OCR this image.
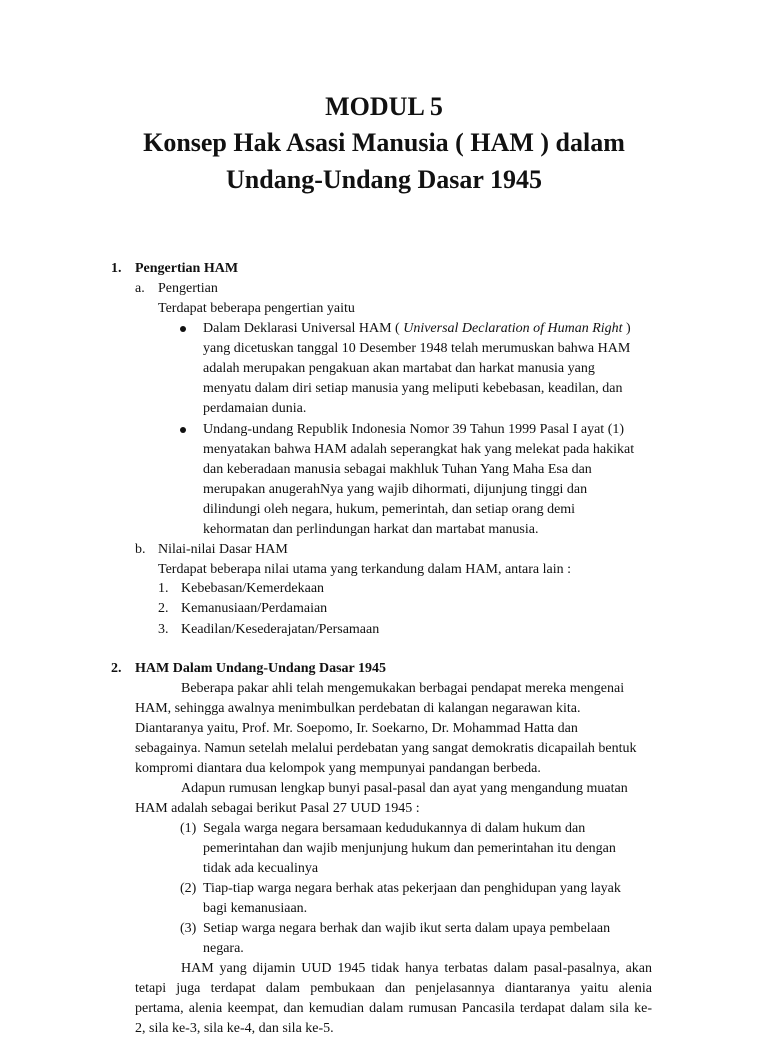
MODUL 5
Konsep Hak Asasi Manusia ( HAM ) dalam
Undang-Undang Dasar 1945
1. Pengertian HAM
a. Pengertian
Terdapat beberapa pengertian yaitu
Dalam Deklarasi Universal HAM ( Universal Declaration of Human Right )
yang dicetuskan tanggal 10 Desember 1948 telah merumuskan bahwa HAM
adalah merupakan pengakuan akan martabat dan harkat manusia yang
menyatu dalam diri setiap manusia yang meliputi kebebasan, keadilan, dan
perdamaian dunia.
Undang-undang Republik Indonesia Nomor 39 Tahun 1999 Pasal I ayat (1)
menyatakan bahwa HAM adalah seperangkat hak yang melekat pada hakikat
dan keberadaan manusia sebagai makhluk Tuhan Yang Maha Esa dan
merupakan anugerahNya yang wajib dihormati, dijunjung tinggi dan
dilindungi oleh negara, hukum, pemerintah, dan setiap orang demi
kehormatan dan perlindungan harkat dan martabat manusia.
b. Nilai-nilai Dasar HAM
Terdapat beberapa nilai utama yang terkandung dalam HAM, antara lain :
1. Kebebasan/Kemerdekaan
2. Kemanusiaan/Perdamaian
3. Keadilan/Kesederajatan/Persamaan
2. HAM Dalam Undang-Undang Dasar 1945
Beberapa pakar ahli telah mengemukakan berbagai pendapat mereka mengenai
HAM, sehingga awalnya menimbulkan perdebatan di kalangan negarawan kita.
Diantaranya yaitu, Prof. Mr. Soepomo, Ir. Soekarno, Dr. Mohammad Hatta dan
sebagainya. Namun setelah melalui perdebatan yang sangat demokratis dicapailah bentuk
kompromi diantara dua kelompok yang mempunyai pandangan berbeda.
Adapun rumusan lengkap bunyi pasal-pasal dan ayat yang mengandung muatan
HAM adalah sebagai berikut Pasal 27 UUD 1945 :
(1) Segala warga negara bersamaan kedudukannya di dalam hukum dan
pemerintahan dan wajib menjunjung hukum dan pemerintahan itu dengan
tidak ada kecualinya
(2) Tiap-tiap warga negara berhak atas pekerjaan dan penghidupan yang layak
bagi kemanusiaan.
(3) Setiap warga negara berhak dan wajib ikut serta dalam upaya pembelaan
negara.
HAM yang dijamin UUD 1945 tidak hanya terbatas dalam pasal-pasalnya, akan
tetapi juga terdapat dalam pembukaan dan penjelasannya diantaranya yaitu alenia
pertama, alenia keempat, dan kemudian dalam rumusan Pancasila terdapat dalam sila ke-
2, sila ke-3, sila ke-4, dan sila ke-5.
